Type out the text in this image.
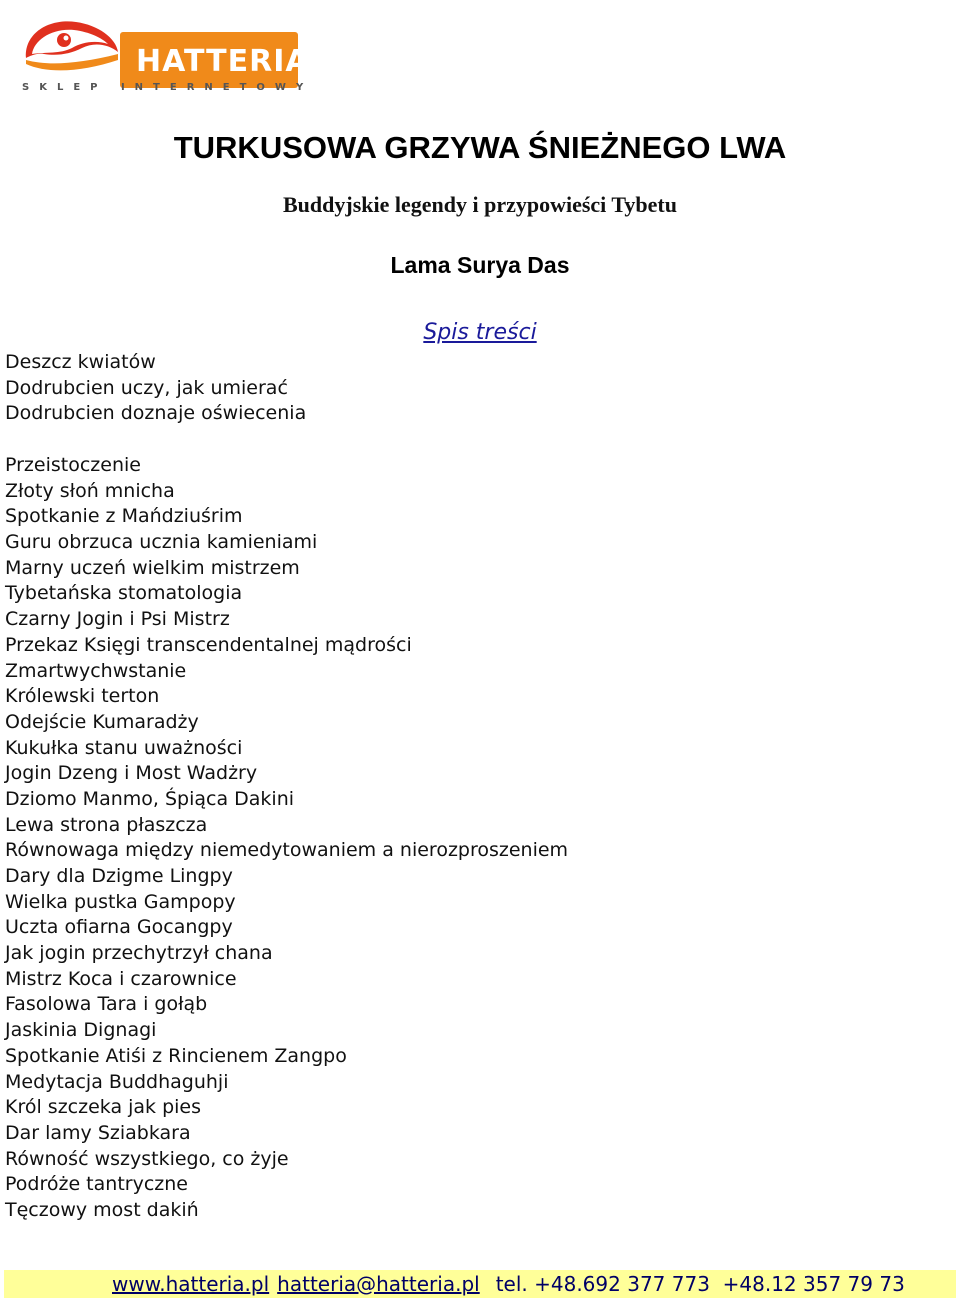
HATTERIA
SKLEP INTERNETOWY
TURKUSOWA GRZYWA ŚNIEŻNEGO LWA
Buddyjskie legendy i przypowieści Tybetu
Lama Surya Das
Spis treści
Deszcz kwiatów
Dodrubcien uczy, jak umierać
Dodrubcien doznaje oświecenia
Przeistoczenie
Złoty słoń mnicha
Spotkanie z Mańdziuśrim
Guru obrzuca ucznia kamieniami
Marny uczeń wielkim mistrzem
Tybetańska stomatologia
Czarny Jogin i Psi Mistrz
Przekaz Księgi transcendentalnej mądrości
Zmartwychwstanie
Królewski terton
Odejście Kumaradży
Kukułka stanu uważności
Jogin Dzeng i Most Wadżry
Dziomo Manmo, Śpiąca Dakini
Lewa strona płaszcza
Równowaga między niemedytowaniem a nierozproszeniem
Dary dla Dzigme Lingpy
Wielka pustka Gampopy
Uczta ofiarna Gocangpy
Jak jogin przechytrzył chana
Mistrz Koca i czarownice
Fasolowa Tara i gołąb
Jaskinia Dignagi
Spotkanie Atiśi z Rincienem Zangpo
Medytacja Buddhaguhji
Król szczeka jak pies
Dar lamy Sziabkara
Równość wszystkiego, co żyje
Podróże tantryczne
Tęczowy most dakiń
www.hatteria.pl hatteria@hatteria.pl tel. +48.692 377 773  +48.12 357 79 73
